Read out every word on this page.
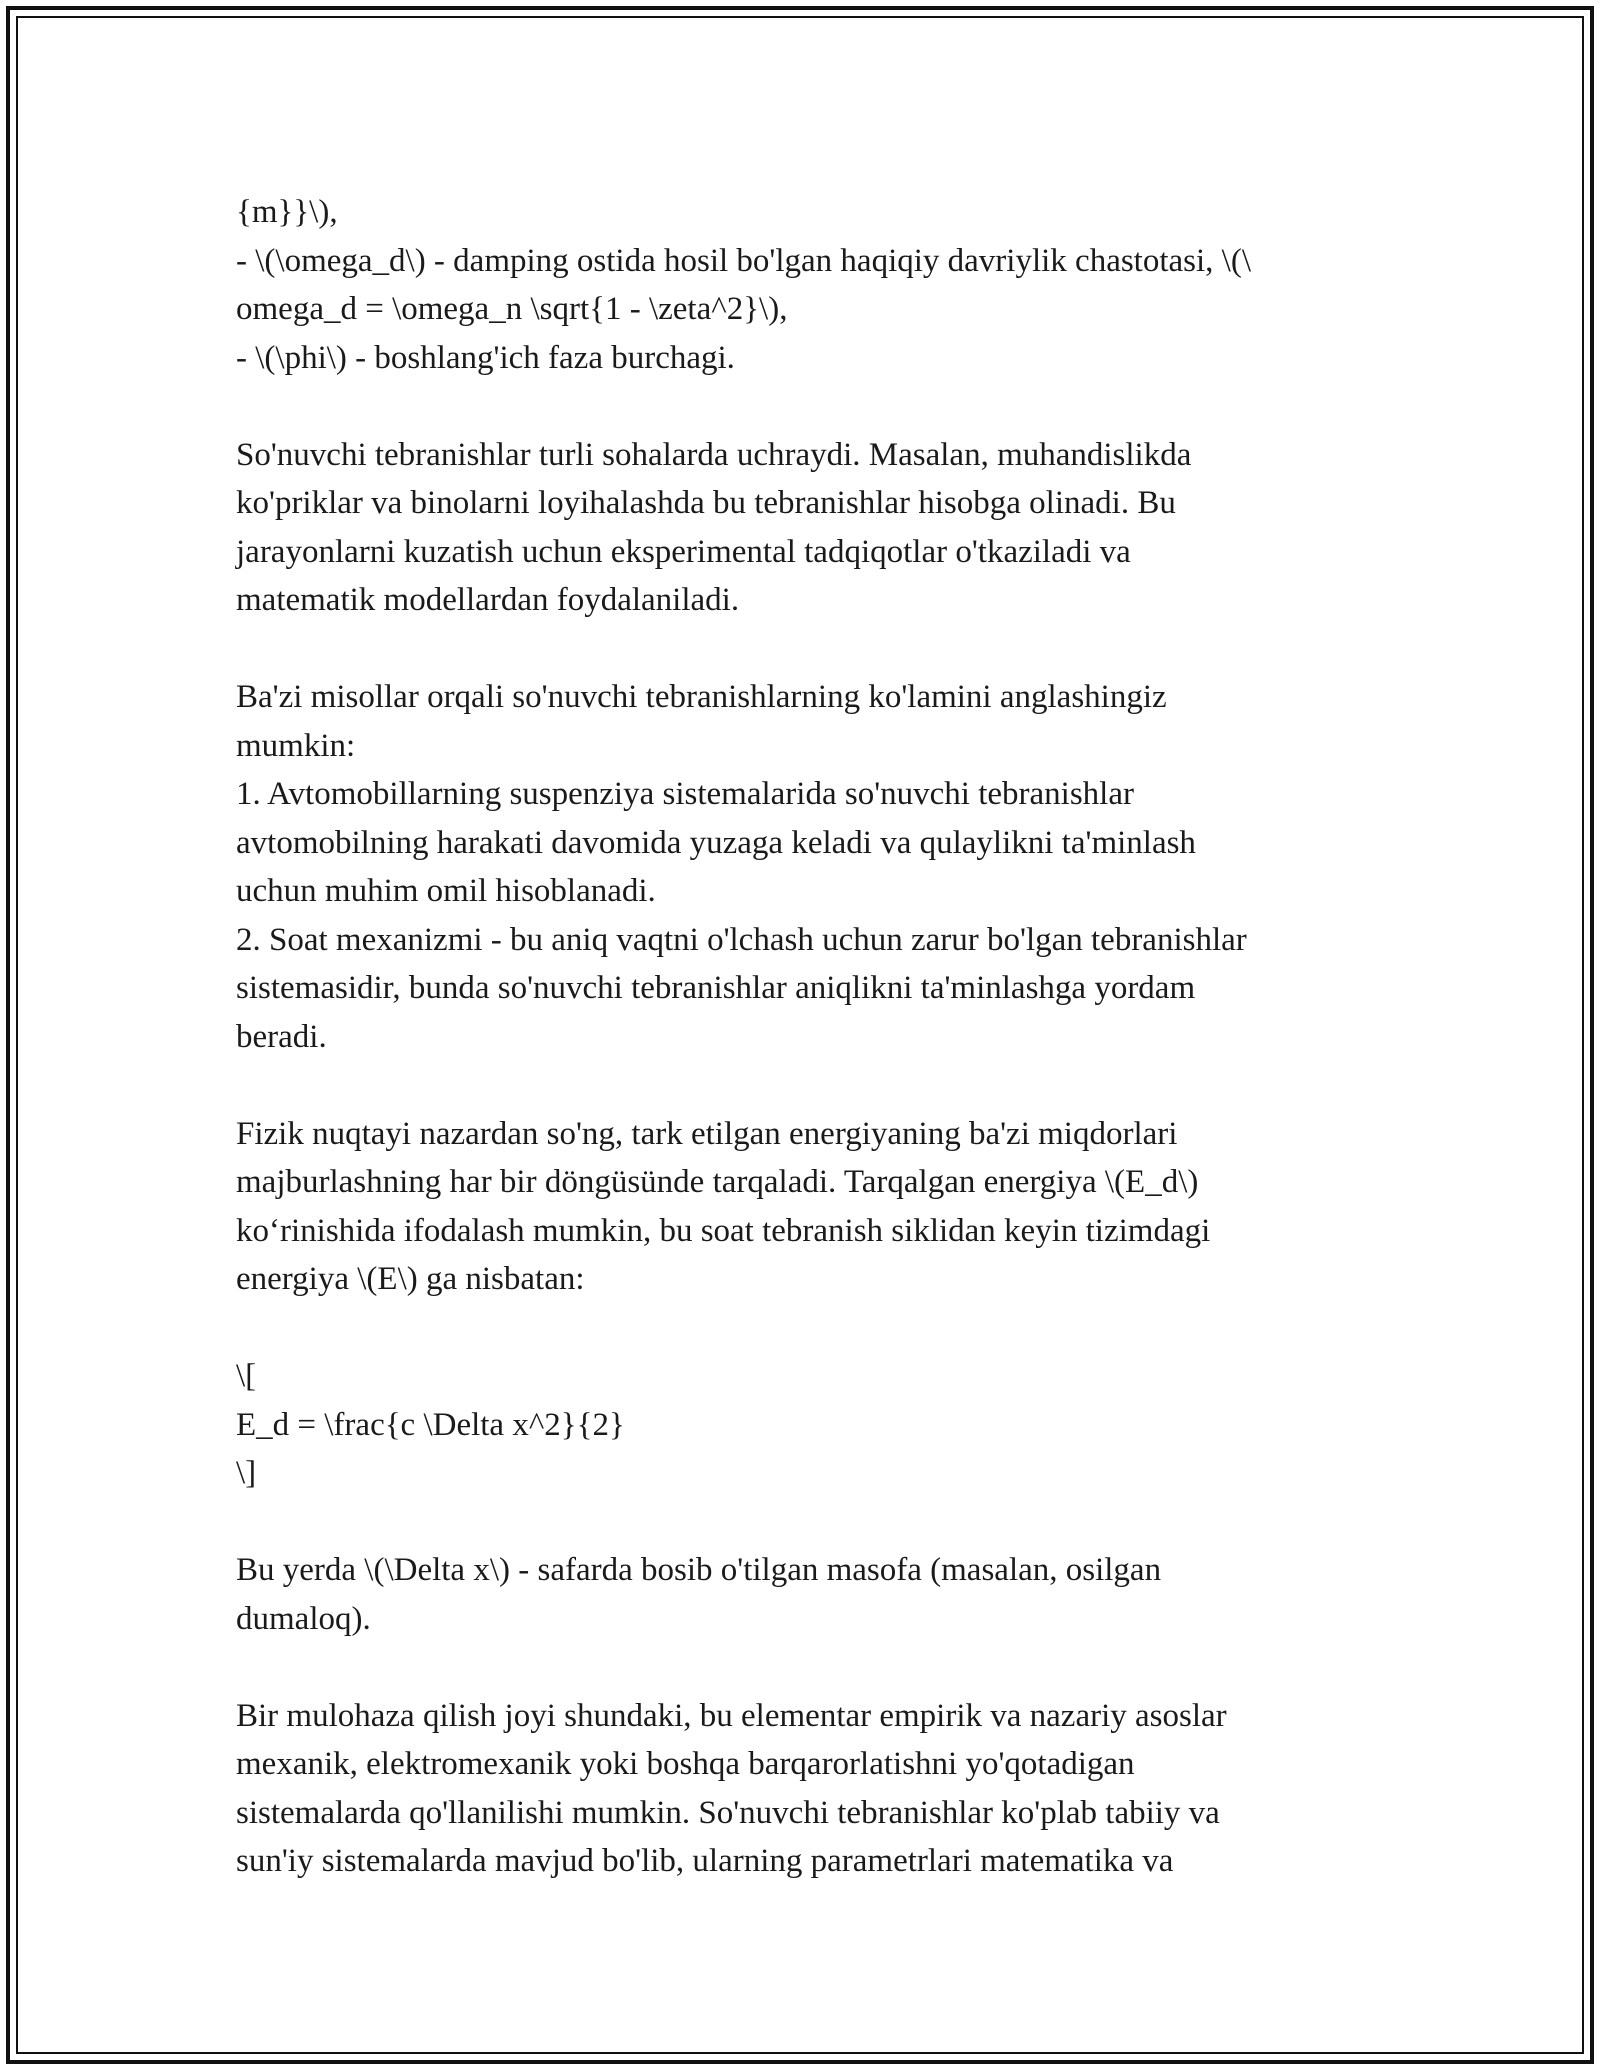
{m}}\),
- \(\omega_d\) - damping ostida hosil bo'lgan haqiqiy davriylik chastotasi, \(\
omega_d = \omega_n \sqrt{1 - \zeta^2}\),
- \(\phi\) - boshlang'ich faza burchagi.
So'nuvchi tebranishlar turli sohalarda uchraydi. Masalan, muhandislikda
ko'priklar va binolarni loyihalashda bu tebranishlar hisobga olinadi. Bu
jarayonlarni kuzatish uchun eksperimental tadqiqotlar o'tkaziladi va
matematik modellardan foydalaniladi.
Ba'zi misollar orqali so'nuvchi tebranishlarning ko'lamini anglashingiz
mumkin:
1. Avtomobillarning suspenziya sistemalarida so'nuvchi tebranishlar
avtomobilning harakati davomida yuzaga keladi va qulaylikni ta'minlash
uchun muhim omil hisoblanadi.
2. Soat mexanizmi - bu aniq vaqtni o'lchash uchun zarur bo'lgan tebranishlar
sistemasidir, bunda so'nuvchi tebranishlar aniqlikni ta'minlashga yordam
beradi.
Fizik nuqtayi nazardan so'ng, tark etilgan energiyaning ba'zi miqdorlari
majburlashning har bir döngüsünde tarqaladi. Tarqalgan energiya \(E_d\)
ko‘rinishida ifodalash mumkin, bu soat tebranish siklidan keyin tizimdagi
energiya \(E\) ga nisbatan:
\[
E_d = \frac{c \Delta x^2}{2}
\]
Bu yerda \(\Delta x\) - safarda bosib o'tilgan masofa (masalan, osilgan
dumaloq).
Bir mulohaza qilish joyi shundaki, bu elementar empirik va nazariy asoslar
mexanik, elektromexanik yoki boshqa barqarorlatishni yo'qotadigan
sistemalarda qo'llanilishi mumkin. So'nuvchi tebranishlar ko'plab tabiiy va
sun'iy sistemalarda mavjud bo'lib, ularning parametrlari matematika va
